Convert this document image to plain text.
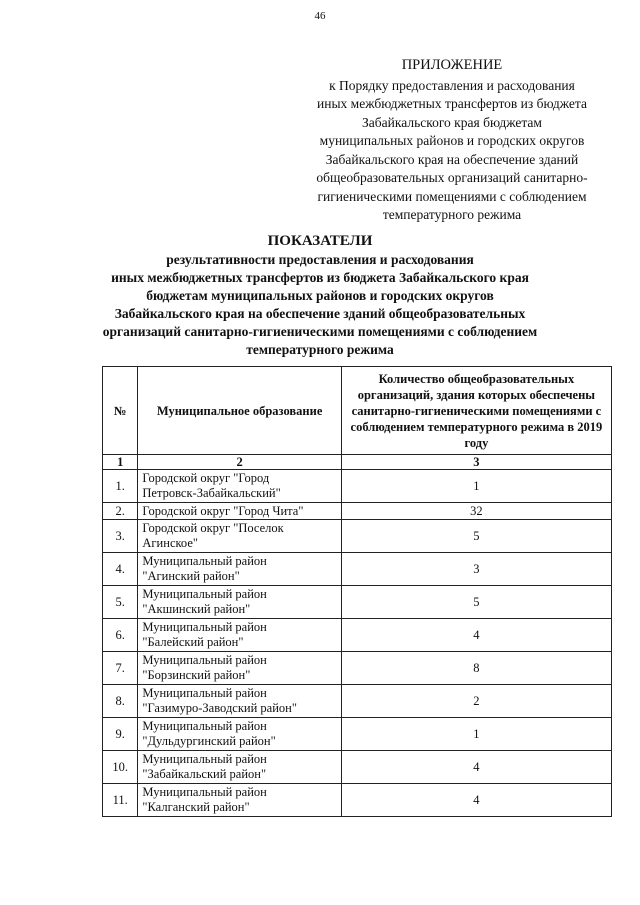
46
ПРИЛОЖЕНИЕ
к Порядку предоставления и расходования
иных межбюджетных трансфертов из бюджета
Забайкальского края бюджетам
муниципальных районов и городских округов
Забайкальского края на обеспечение зданий
общеобразовательных организаций санитарно-
гигиеническими помещениями с соблюдением
температурного режима
ПОКАЗАТЕЛИ
результативности предоставления и расходования
иных межбюджетных трансфертов из бюджета Забайкальского края
бюджетам муниципальных районов и городских округов
Забайкальского края на обеспечение зданий общеобразовательных
организаций санитарно-гигиеническими помещениями с соблюдением
температурного режима
№	Муниципальное образование	Количество общеобразовательных организаций, здания которых обеспечены санитарно-гигиеническими помещениями с соблюдением температурного режима в 2019 году
1	2	3
1.	Городской округ "Город
Петровск-Забайкальский"	1
2.	Городской округ "Город Чита"	32
3.	Городской округ "Поселок
Агинское"	5
4.	Муниципальный район
"Агинский район"	3
5.	Муниципальный район
"Акшинский район"	5
6.	Муниципальный район
"Балейский район"	4
7.	Муниципальный район
"Борзинский район"	8
8.	Муниципальный район
"Газимуро-Заводский район"	2
9.	Муниципальный район
"Дульдургинский район"	1
10.	Муниципальный район
"Забайкальский район"	4
11.	Муниципальный район
"Калганский район"	4
